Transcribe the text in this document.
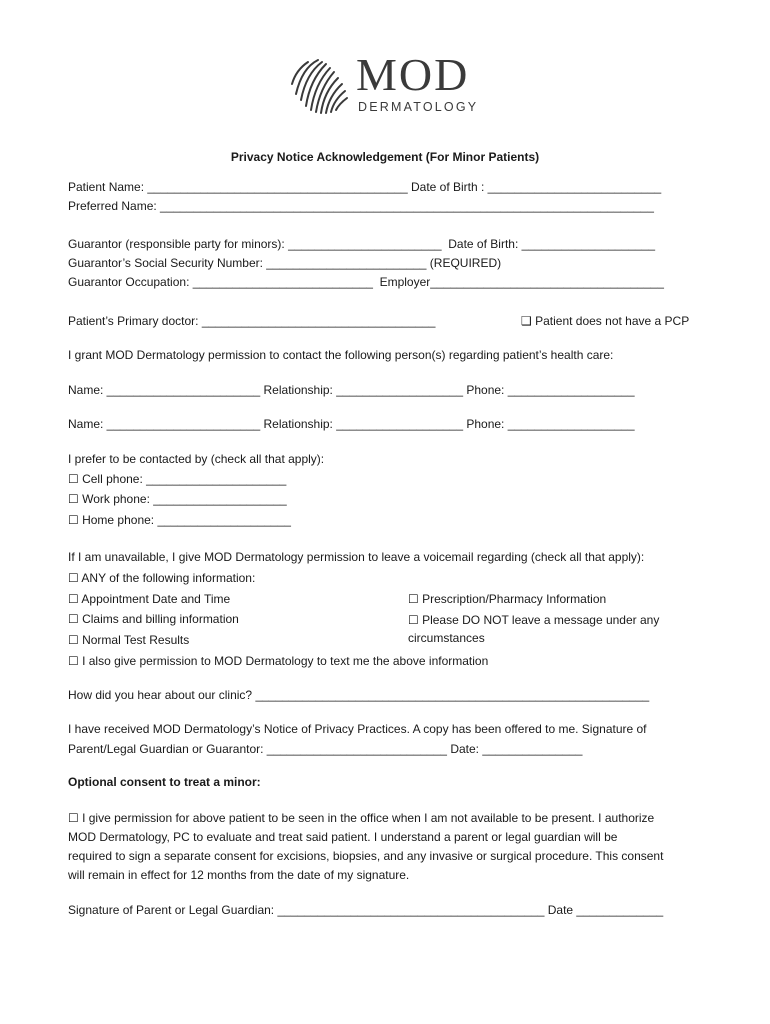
MOD
DERMATOLOGY
Privacy Notice Acknowledgement (For Minor Patients)
Patient Name: _______________________________________ Date of Birth : __________________________
Preferred Name: __________________________________________________________________________
Guarantor (responsible party for minors): _______________________  Date of Birth: ____________________
Guarantor’s Social Security Number: ________________________ (REQUIRED)
Guarantor Occupation: ___________________________  Employer___________________________________
Patient’s Primary doctor: ___________________________________	❑ Patient does not have a PCP
I grant MOD Dermatology permission to contact the following person(s) regarding patient’s health care:
Name: _______________________ Relationship: ___________________ Phone: ___________________
Name: _______________________ Relationship: ___________________ Phone: ___________________
I prefer to be contacted by (check all that apply):
☐ Cell phone: _____________________
☐ Work phone: ____________________
☐ Home phone: ____________________
If I am unavailable, I give MOD Dermatology permission to leave a voicemail regarding (check all that apply):
☐ ANY of the following information:
☐ Appointment Date and Time
☐ Claims and billing information
☐ Normal Test Results
☐ Prescription/Pharmacy Information
☐ Please DO NOT leave a message under any
circumstances
☐ I also give permission to MOD Dermatology to text me the above information
How did you hear about our clinic? ___________________________________________________________
I have received MOD Dermatology’s Notice of Privacy Practices. A copy has been offered to me. Signature of
Parent/Legal Guardian or Guarantor: ___________________________ Date: _______________
Optional consent to treat a minor:
☐ I give permission for above patient to be seen in the office when I am not available to be present. I authorize
MOD Dermatology, PC to evaluate and treat said patient. I understand a parent or legal guardian will be
required to sign a separate consent for excisions, biopsies, and any invasive or surgical procedure. This consent
will remain in effect for 12 months from the date of my signature.
Signature of Parent or Legal Guardian: ________________________________________ Date _____________
